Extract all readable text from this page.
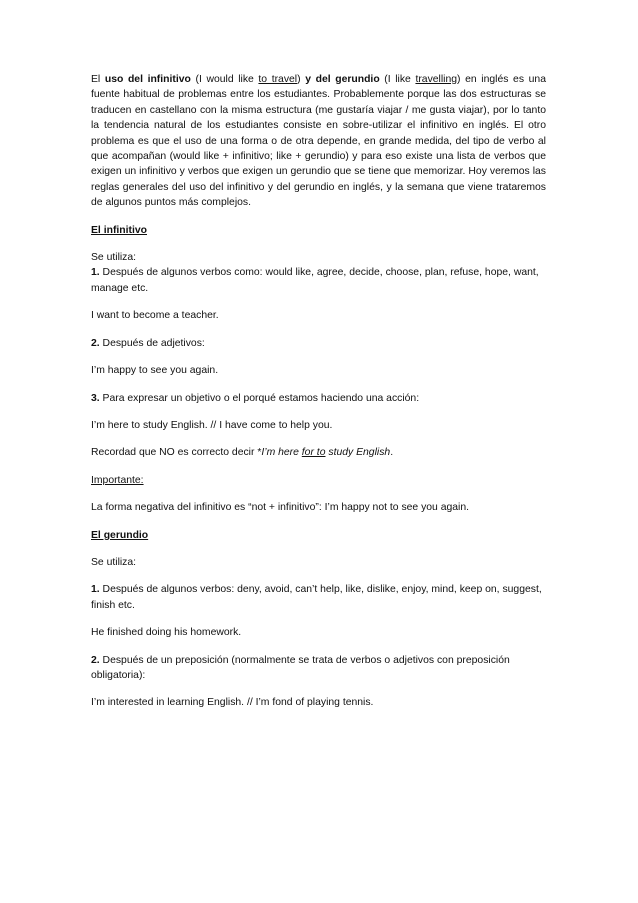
El uso del infinitivo (I would like to travel) y del gerundio (I like travelling) en inglés es una fuente habitual de problemas entre los estudiantes. Probablemente porque las dos estructuras se traducen en castellano con la misma estructura (me gustaría viajar / me gusta viajar), por lo tanto la tendencia natural de los estudiantes consiste en sobre-utilizar el infinitivo en inglés. El otro problema es que el uso de una forma o de otra depende, en grande medida, del tipo de verbo al que acompañan (would like + infinitivo; like + gerundio) y para eso existe una lista de verbos que exigen un infinitivo y verbos que exigen un gerundio que se tiene que memorizar. Hoy veremos las reglas generales del uso del infinitivo y del gerundio en inglés, y la semana que viene trataremos de algunos puntos más complejos.

El infinitivo

Se utiliza:

1. Después de algunos verbos como: would like, agree, decide, choose, plan, refuse, hope, want, manage etc.

I want to become a teacher.

2. Después de adjetivos:

I’m happy to see you again.

3. Para expresar un objetivo o el porqué estamos haciendo una acción:

I’m here to study English. // I have come to help you.

Recordad que NO es correcto decir *I’m here for to study English.

Importante:

La forma negativa del infinitivo es “not + infinitivo”: I’m happy not to see you again.

El gerundio

Se utiliza:

1. Después de algunos verbos: deny, avoid, can’t help, like, dislike, enjoy, mind, keep on, suggest, finish etc.

He finished doing his homework.

2. Después de un preposición (normalmente se trata de verbos o adjetivos con preposición obligatoria):

I’m interested in learning English. // I’m fond of playing tennis.
